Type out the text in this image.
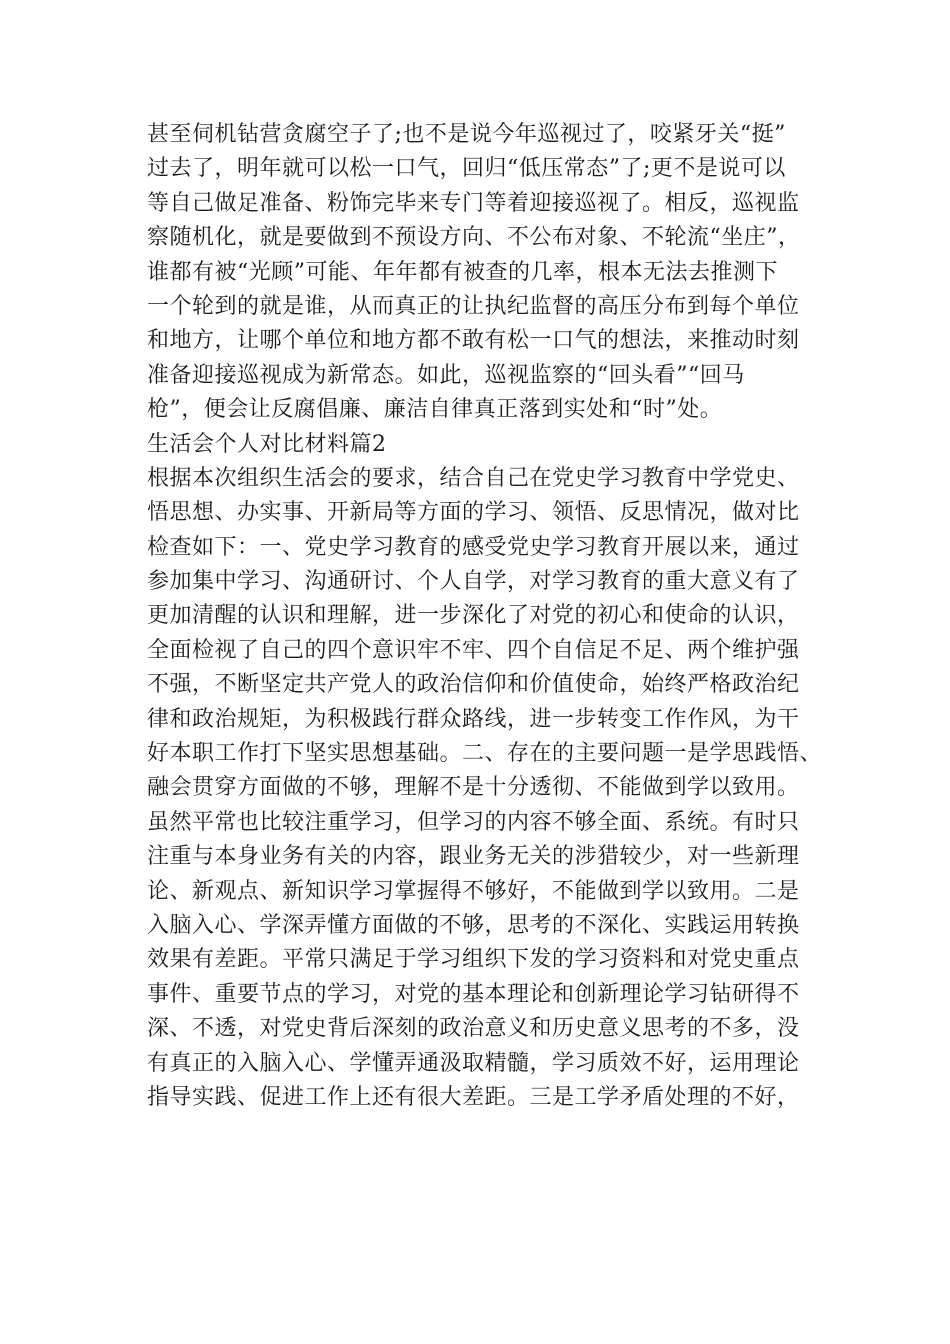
甚至伺机钻营贪腐空子了;也不是说今年巡视过了，咬紧牙关“挺”
过去了，明年就可以松一口气，回归“低压常态”了;更不是说可以
等自己做足准备、粉饰完毕来专门等着迎接巡视了。相反，巡视监
察随机化，就是要做到不预设方向、不公布对象、不轮流“坐庄”，
谁都有被“光顾”可能、年年都有被查的几率，根本无法去推测下
一个轮到的就是谁，从而真正的让执纪监督的高压分布到每个单位
和地方，让哪个单位和地方都不敢有松一口气的想法，来推动时刻
准备迎接巡视成为新常态。如此，巡视监察的“回头看”“回马
枪”，便会让反腐倡廉、廉洁自律真正落到实处和“时”处。
生活会个人对比材料篇2
根据本次组织生活会的要求，结合自己在党史学习教育中学党史、
悟思想、办实事、开新局等方面的学习、领悟、反思情况，做对比
检查如下：一、党史学习教育的感受党史学习教育开展以来，通过
参加集中学习、沟通研讨、个人自学，对学习教育的重大意义有了
更加清醒的认识和理解，进一步深化了对党的初心和使命的认识，
全面检视了自己的四个意识牢不牢、四个自信足不足、两个维护强
不强，不断坚定共产党人的政治信仰和价值使命，始终严格政治纪
律和政治规矩，为积极践行群众路线，进一步转变工作作风，为干
好本职工作打下坚实思想基础。二、存在的主要问题一是学思践悟、
融会贯穿方面做的不够，理解不是十分透彻、不能做到学以致用。
虽然平常也比较注重学习，但学习的内容不够全面、系统。有时只
注重与本身业务有关的内容，跟业务无关的涉猎较少，对一些新理
论、新观点、新知识学习掌握得不够好，不能做到学以致用。二是
入脑入心、学深弄懂方面做的不够，思考的不深化、实践运用转换
效果有差距。平常只满足于学习组织下发的学习资料和对党史重点
事件、重要节点的学习，对党的基本理论和创新理论学习钻研得不
深、不透，对党史背后深刻的政治意义和历史意义思考的不多，没
有真正的入脑入心、学懂弄通汲取精髓，学习质效不好，运用理论
指导实践、促进工作上还有很大差距。三是工学矛盾处理的不好，
